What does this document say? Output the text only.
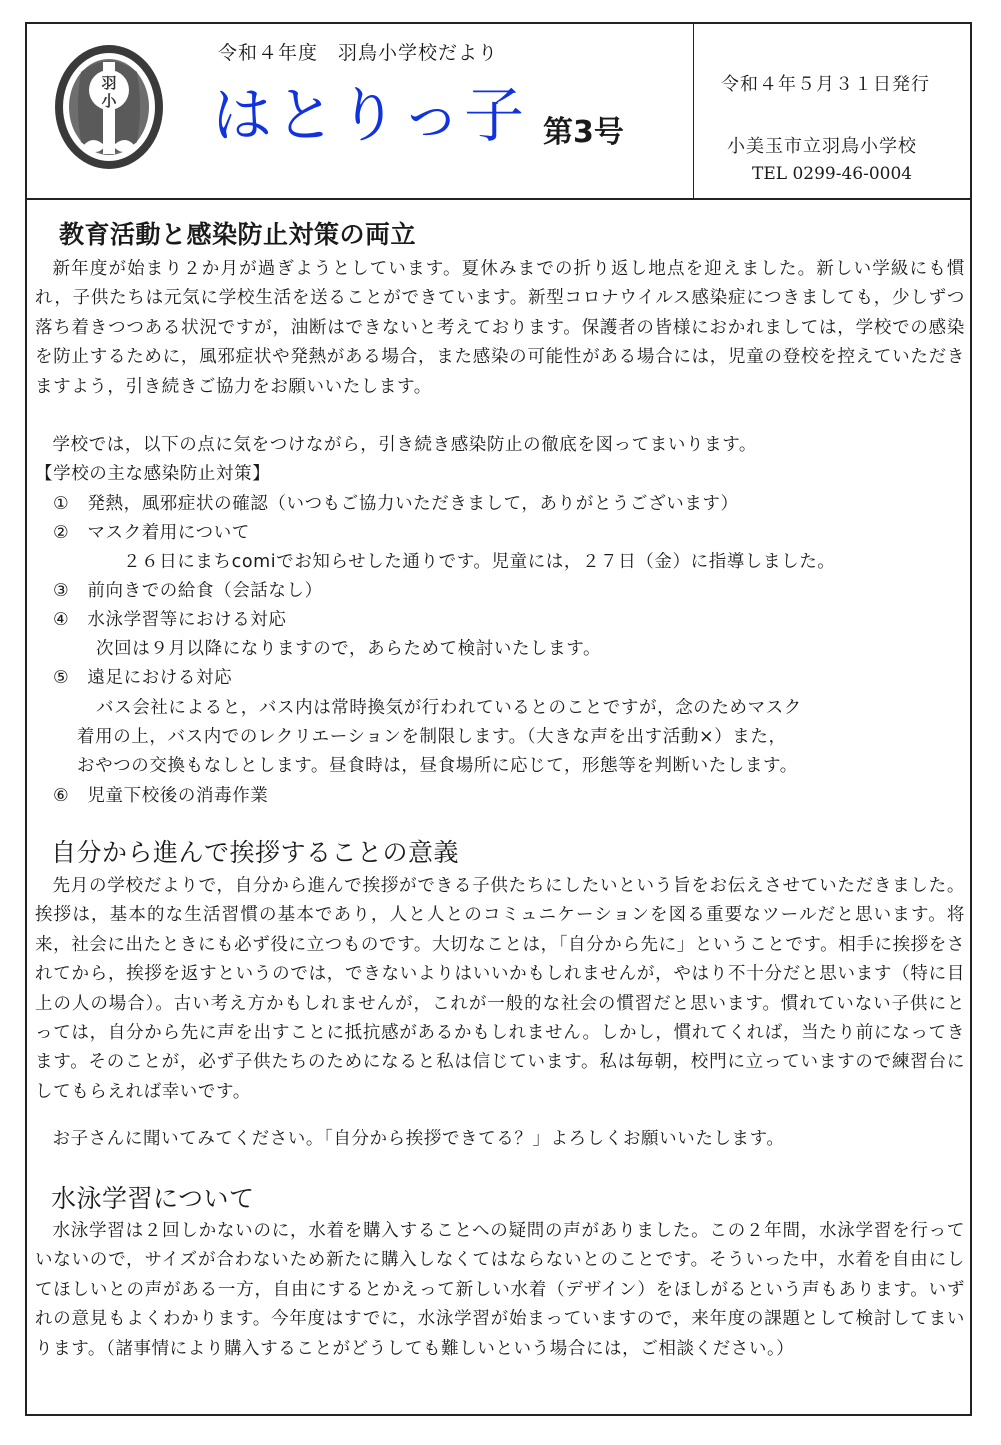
羽
小
令和４年度　羽鳥小学校だより
はとりっ子 第3号
令和４年５月３１日発行
小美玉市立羽鳥小学校
TEL 0299-46-0004
教育活動と感染防止対策の両立
新年度が始まり２か月が過ぎようとしています。夏休みまでの折り返し地点を迎えました。新しい学級にも慣れ，子供たちは元気に学校生活を送ることができています。新型コロナウイルス感染症につきましても，少しずつ落ち着きつつある状況ですが，油断はできないと考えております。保護者の皆様におかれましては，学校での感染を防止するために，風邪症状や発熱がある場合，また感染の可能性がある場合には，児童の登校を控えていただきますよう，引き続きご協力をお願いいたします。
学校では，以下の点に気をつけながら，引き続き感染防止の徹底を図ってまいります。
【学校の主な感染防止対策】
①　発熱，風邪症状の確認（いつもご協力いただきまして，ありがとうございます）
②　マスク着用について
２６日にまちcomiでお知らせした通りです。児童には，２７日（金）に指導しました。
③　前向きでの給食（会話なし）
④　水泳学習等における対応
次回は９月以降になりますので，あらためて検討いたします。
⑤　遠足における対応
バス会社によると，バス内は常時換気が行われているとのことですが，念のためマスク
着用の上，バス内でのレクリエーションを制限します。（大きな声を出す活動×）また，
おやつの交換もなしとします。昼食時は，昼食場所に応じて，形態等を判断いたします。
⑥　児童下校後の消毒作業
自分から進んで挨拶することの意義
先月の学校だよりで，自分から進んで挨拶ができる子供たちにしたいという旨をお伝えさせていただきました。挨拶は，基本的な生活習慣の基本であり，人と人とのコミュニケーションを図る重要なツールだと思います。将来，社会に出たときにも必ず役に立つものです。大切なことは，「自分から先に」ということです。相手に挨拶をされてから，挨拶を返すというのでは，できないよりはいいかもしれませんが，やはり不十分だと思います（特に目上の人の場合）。古い考え方かもしれませんが，これが一般的な社会の慣習だと思います。慣れていない子供にとっては，自分から先に声を出すことに抵抗感があるかもしれません。しかし，慣れてくれば，当たり前になってきます。そのことが，必ず子供たちのためになると私は信じています。私は毎朝，校門に立っていますので練習台にしてもらえれば幸いです。
お子さんに聞いてみてください。「自分から挨拶できてる？」よろしくお願いいたします。
水泳学習について
水泳学習は２回しかないのに，水着を購入することへの疑問の声がありました。この２年間，水泳学習を行っていないので，サイズが合わないため新たに購入しなくてはならないとのことです。そういった中，水着を自由にしてほしいとの声がある一方，自由にするとかえって新しい水着（デザイン）をほしがるという声もあります。いずれの意見もよくわかります。今年度はすでに，水泳学習が始まっていますので，来年度の課題として検討してまいります。（諸事情により購入することがどうしても難しいという場合には，ご相談ください。）
